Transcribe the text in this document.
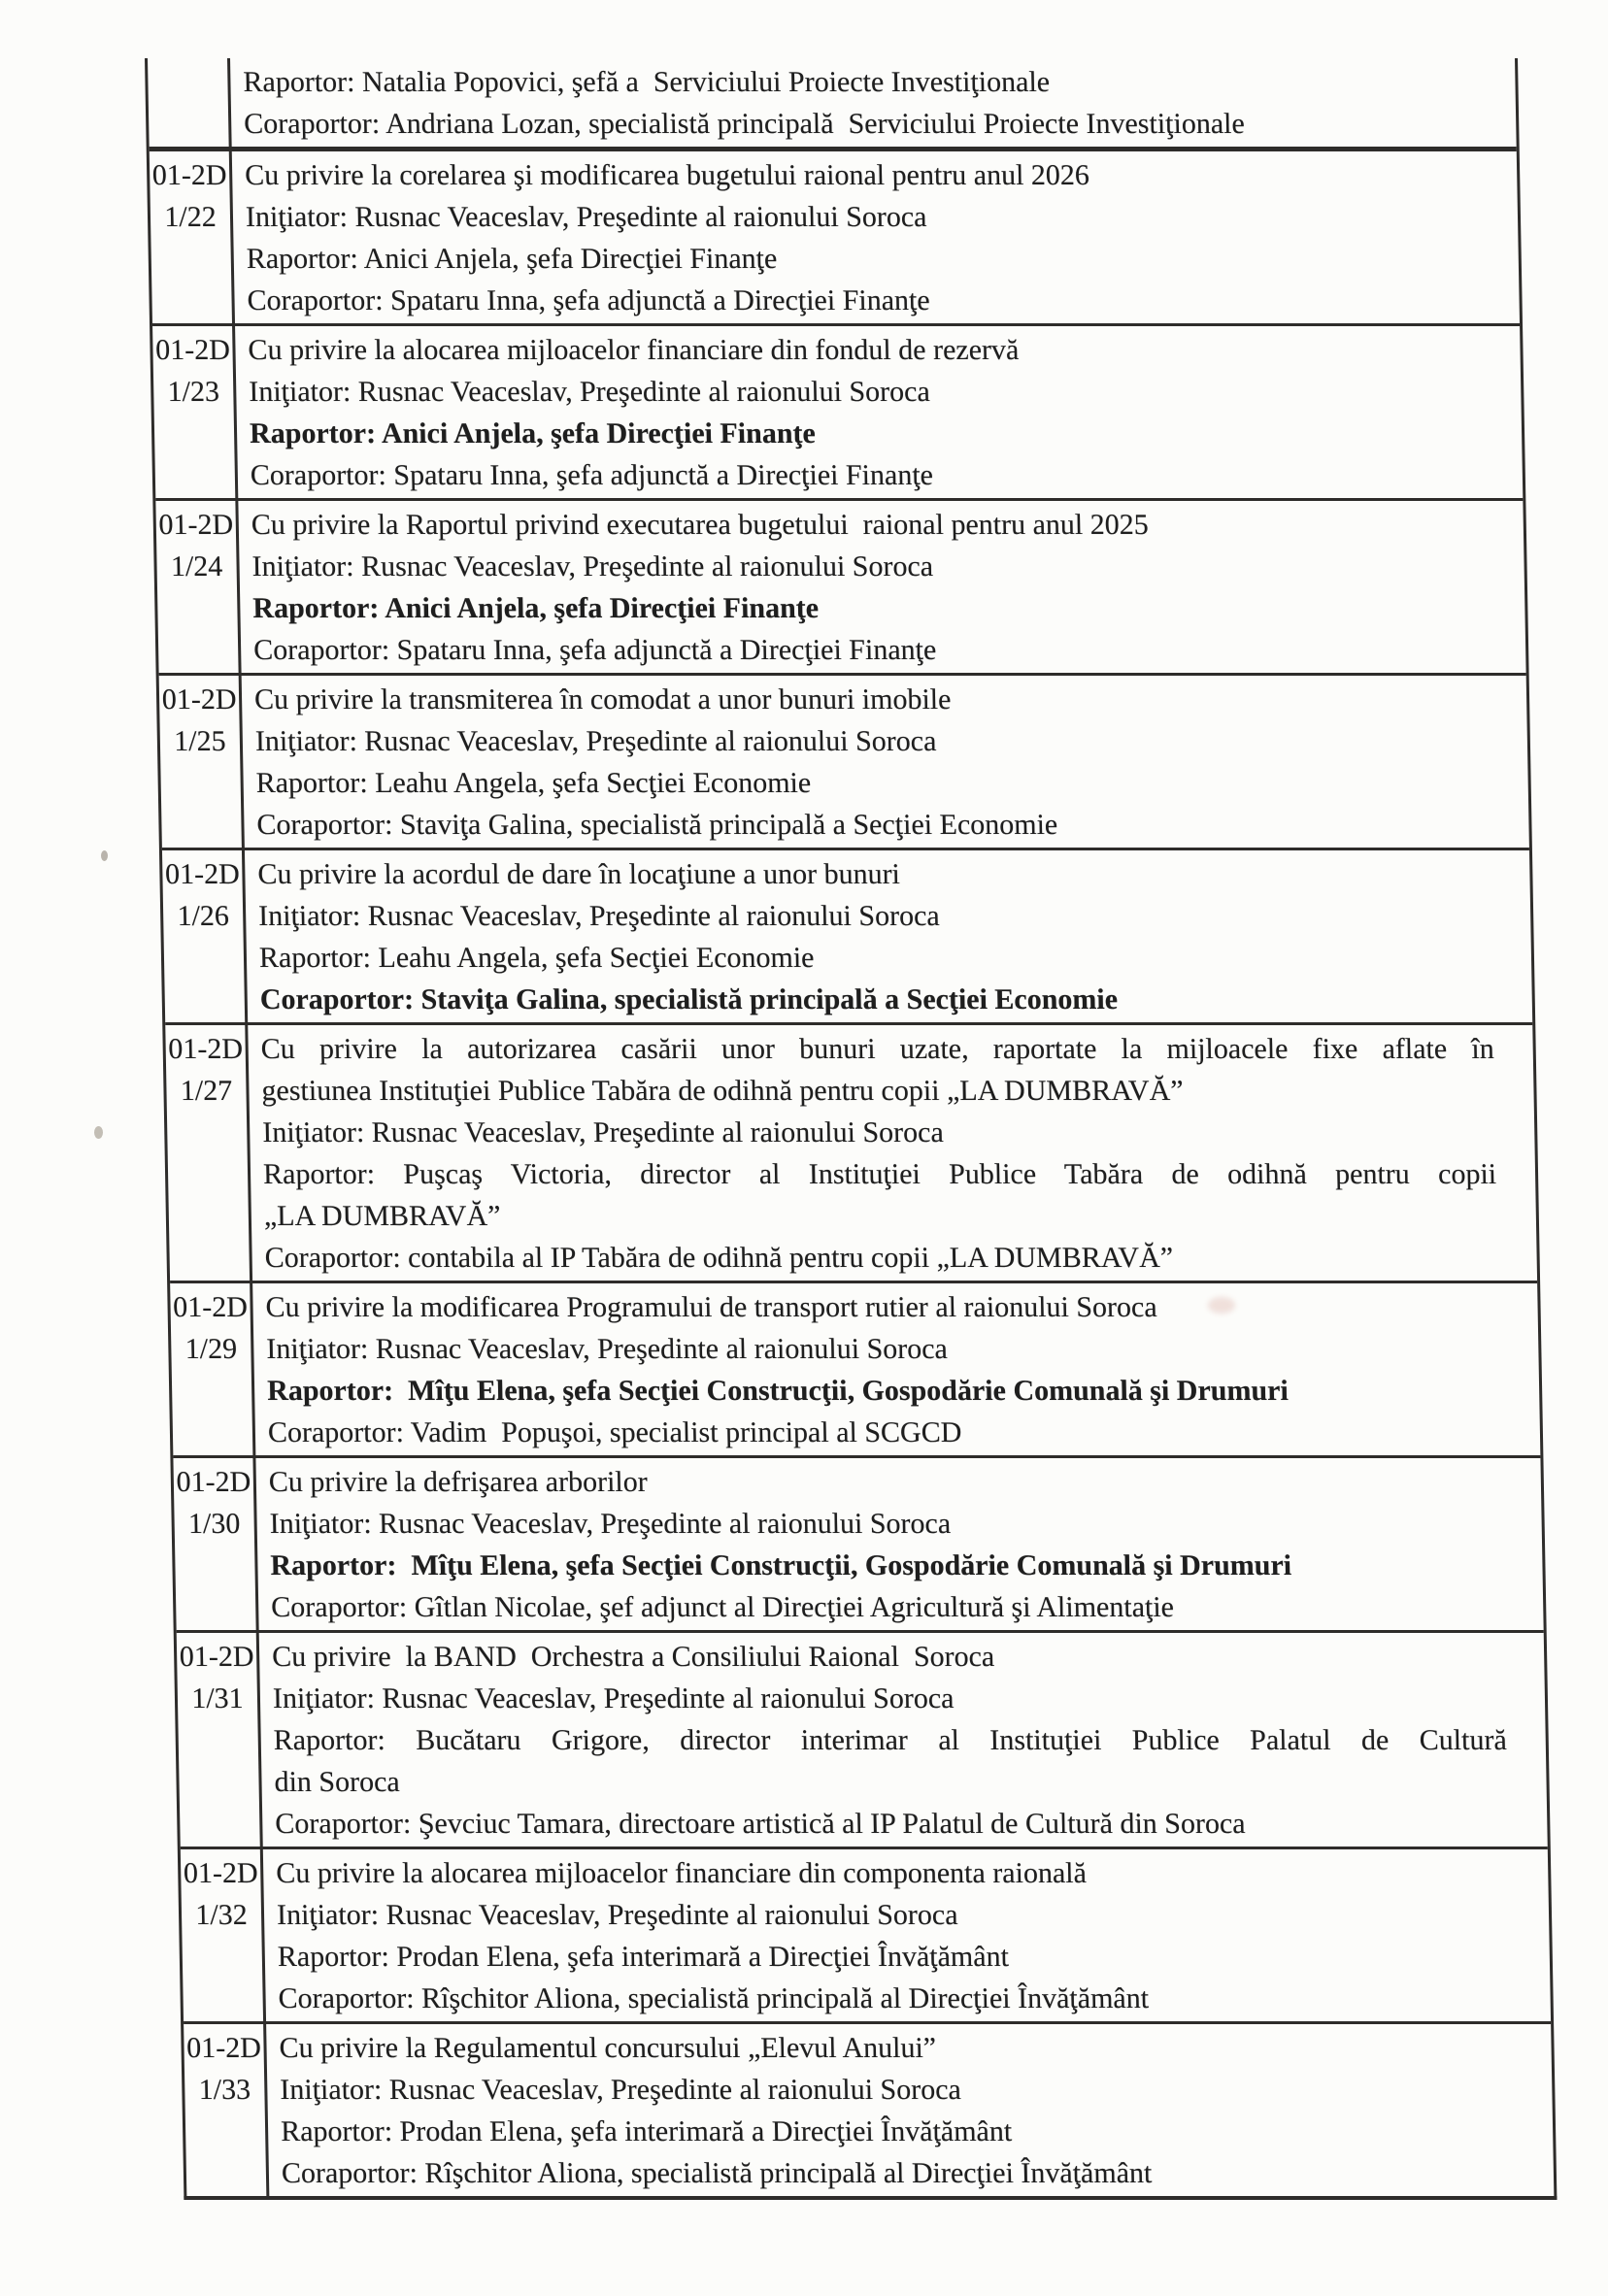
Raportor: Natalia Popovici, şefă a  Serviciului Proiecte Investiţionale
Coraportor: Andriana Lozan, specialistă principală  Serviciului Proiecte Investiţionale
01-2D
1/22
Cu privire la corelarea şi modificarea bugetului raional pentru anul 2026
Iniţiator: Rusnac Veaceslav, Preşedinte al raionului Soroca
Raportor: Anici Anjela, şefa Direcţiei Finanţe
Coraportor: Spataru Inna, şefa adjunctă a Direcţiei Finanţe
01-2D
1/23
Cu privire la alocarea mijloacelor financiare din fondul de rezervă
Iniţiator: Rusnac Veaceslav, Preşedinte al raionului Soroca
Raportor: Anici Anjela, şefa Direcţiei Finanţe
Coraportor: Spataru Inna, şefa adjunctă a Direcţiei Finanţe
01-2D
1/24
Cu privire la Raportul privind executarea bugetului  raional pentru anul 2025
Iniţiator: Rusnac Veaceslav, Preşedinte al raionului Soroca
Raportor: Anici Anjela, şefa Direcţiei Finanţe
Coraportor: Spataru Inna, şefa adjunctă a Direcţiei Finanţe
01-2D
1/25
Cu privire la transmiterea în comodat a unor bunuri imobile
Iniţiator: Rusnac Veaceslav, Preşedinte al raionului Soroca
Raportor: Leahu Angela, şefa Secţiei Economie
Coraportor: Staviţa Galina, specialistă principală a Secţiei Economie
01-2D
1/26
Cu privire la acordul de dare în locaţiune a unor bunuri
Iniţiator: Rusnac Veaceslav, Preşedinte al raionului Soroca
Raportor: Leahu Angela, şefa Secţiei Economie
Coraportor: Staviţa Galina, specialistă principală a Secţiei Economie
01-2D
1/27
Cu privire la autorizarea casării unor bunuri uzate, raportate la mijloacele fixe aflate în
gestiunea Instituţiei Publice Tabăra de odihnă pentru copii „LA DUMBRAVĂ”
Iniţiator: Rusnac Veaceslav, Preşedinte al raionului Soroca
Raportor: Puşcaş Victoria, director al Instituţiei Publice Tabăra de odihnă pentru copii
„LA DUMBRAVĂ”
Coraportor: contabila al IP Tabăra de odihnă pentru copii „LA DUMBRAVĂ”
01-2D
1/29
Cu privire la modificarea Programului de transport rutier al raionului Soroca
Iniţiator: Rusnac Veaceslav, Preşedinte al raionului Soroca
Raportor:  Mîţu Elena, şefa Secţiei Construcţii, Gospodărie Comunală şi Drumuri
Coraportor: Vadim  Popuşoi, specialist principal al SCGCD
01-2D
1/30
Cu privire la defrişarea arborilor
Iniţiator: Rusnac Veaceslav, Preşedinte al raionului Soroca
Raportor:  Mîţu Elena, şefa Secţiei Construcţii, Gospodărie Comunală şi Drumuri
Coraportor: Gîtlan Nicolae, şef adjunct al Direcţiei Agricultură şi Alimentaţie
01-2D
1/31
Cu privire  la BAND  Orchestra a Consiliului Raional  Soroca
Iniţiator: Rusnac Veaceslav, Preşedinte al raionului Soroca
Raportor: Bucătaru Grigore, director interimar al Instituţiei Publice Palatul de Cultură
din Soroca
Coraportor: Şevciuc Tamara, directoare artistică al IP Palatul de Cultură din Soroca
01-2D
1/32
Cu privire la alocarea mijloacelor financiare din componenta raională
Iniţiator: Rusnac Veaceslav, Preşedinte al raionului Soroca
Raportor: Prodan Elena, şefa interimară a Direcţiei Învăţământ
Coraportor: Rîşchitor Aliona, specialistă principală al Direcţiei Învăţământ
01-2D
1/33
Cu privire la Regulamentul concursului „Elevul Anului”
Iniţiator: Rusnac Veaceslav, Preşedinte al raionului Soroca
Raportor: Prodan Elena, şefa interimară a Direcţiei Învăţământ
Coraportor: Rîşchitor Aliona, specialistă principală al Direcţiei Învăţământ
